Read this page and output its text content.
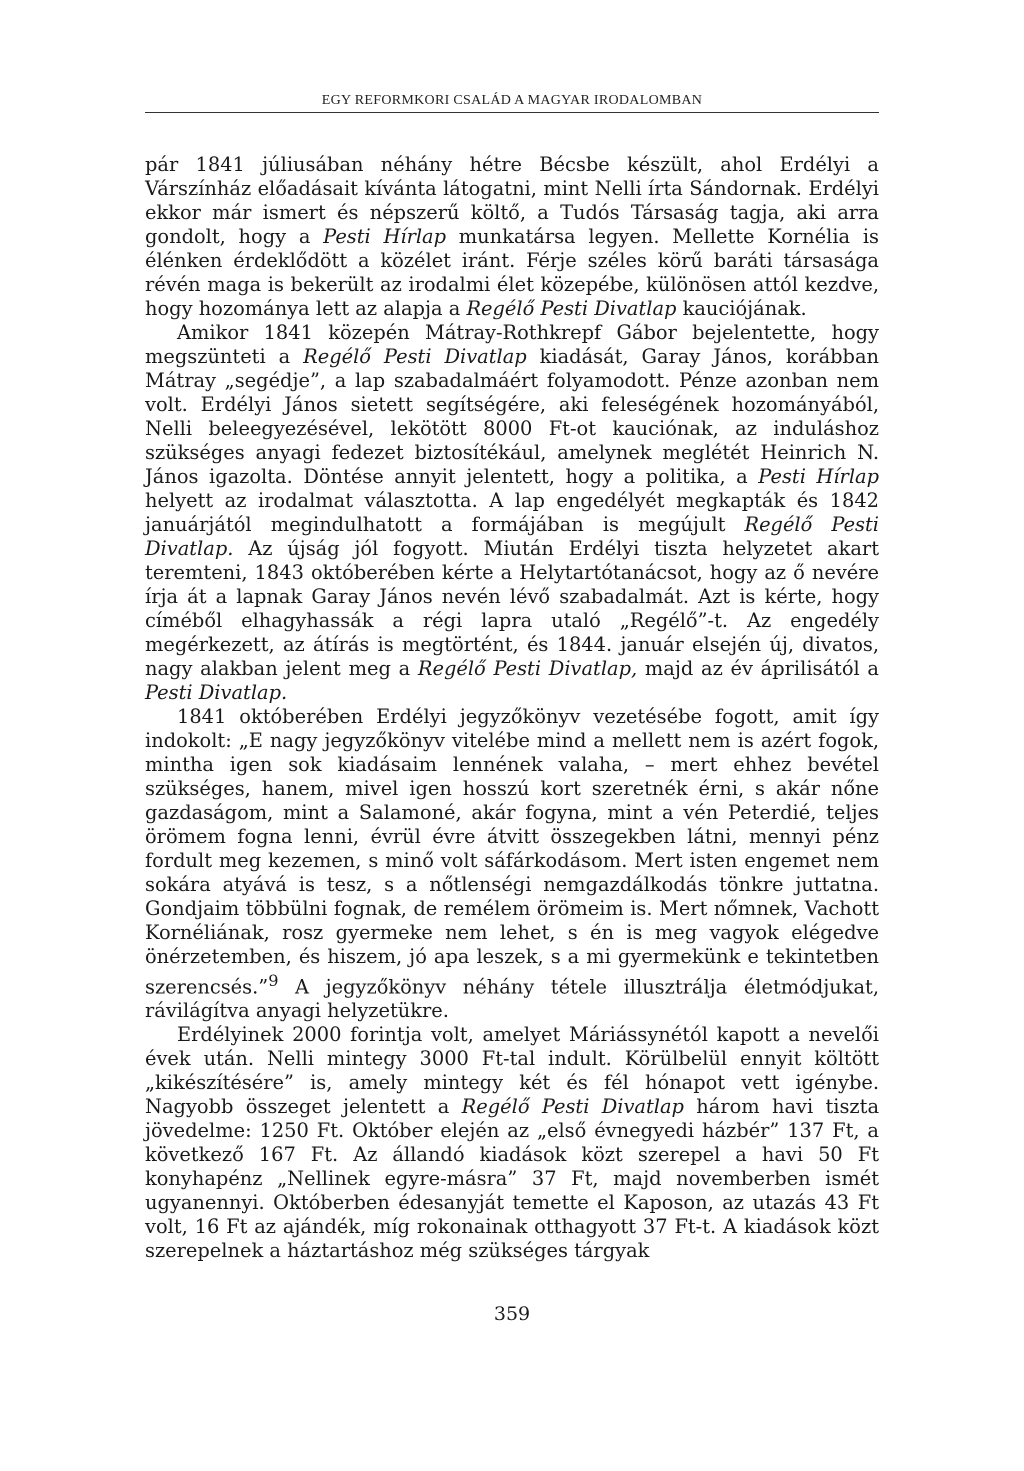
EGY REFORMKORI CSALÁD A MAGYAR IRODALOMBAN

pár 1841 júliusában néhány hétre Bécsbe készült, ahol Erdélyi a Várszínház előadásait kívánta látogatni, mint Nelli írta Sándornak. Erdélyi ekkor már ismert és népszerű költő, a Tudós Társaság tagja, aki arra gondolt, hogy a Pesti Hírlap munkatársa legyen. Mellette Kornélia is élénken érdeklődött a közélet iránt. Férje széles körű baráti társasága révén maga is bekerült az irodalmi élet közepébe, különösen attól kezdve, hogy hozománya lett az alapja a Regélő Pesti Divatlap kauciójának.

Amikor 1841 közepén Mátray-Rothkrepf Gábor bejelentette, hogy megszünteti a Regélő Pesti Divatlap kiadását, Garay János, korábban Mátray „segédje”, a lap szabadalmáért folyamodott. Pénze azonban nem volt. Erdélyi János sietett segítségére, aki feleségének hozományából, Nelli beleegyezésével, lekötött 8000 Ft-ot kauciónak, az induláshoz szükséges anyagi fedezet biztosítékául, amelynek meglétét Heinrich N. János igazolta. Döntése annyit jelentett, hogy a politika, a Pesti Hírlap helyett az irodalmat választotta. A lap engedélyét megkapták és 1842 januárjától megindulhatott a formájában is megújult Regélő Pesti Divatlap. Az újság jól fogyott. Miután Erdélyi tiszta helyzetet akart teremteni, 1843 októberében kérte a Helytartótanácsot, hogy az ő nevére írja át a lapnak Garay János nevén lévő szabadalmát. Azt is kérte, hogy címéből elhagyhassák a régi lapra utaló „Regélő”-t. Az engedély megérkezett, az átírás is megtörtént, és 1844. január elsején új, divatos, nagy alakban jelent meg a Regélő Pesti Divatlap, majd az év áprilisától a Pesti Divatlap.

1841 októberében Erdélyi jegyzőkönyv vezetésébe fogott, amit így indokolt: „E nagy jegyzőkönyv vitelébe mind a mellett nem is azért fogok, mintha igen sok kiadásaim lennének valaha, – mert ehhez bevétel szükséges, hanem, mivel igen hosszú kort szeretnék érni, s akár nőne gazdaságom, mint a Salamoné, akár fogyna, mint a vén Peterdié, teljes örömem fogna lenni, évrül évre átvitt összegekben látni, mennyi pénz fordult meg kezemen, s minő volt sáfárkodásom. Mert isten engemet nem sokára atyává is tesz, s a nőtlenségi nemgazdálkodás tönkre juttatna. Gondjaim többülni fognak, de remélem örömeim is. Mert nőmnek, Vachott Kornéliának, rosz gyermeke nem lehet, s én is meg vagyok elégedve önérzetemben, és hiszem, jó apa leszek, s a mi gyermekünk e tekintetben szerencsés.”$^9$ A jegyzőkönyv néhány tétele illusztrálja életmódjukat, rávilágítva anyagi helyzetükre.

Erdélyinek 2000 forintja volt, amelyet Máriássynétól kapott a nevelői évek után. Nelli mintegy 3000 Ft-tal indult. Körülbelül ennyit költött „kikészítésére” is, amely mintegy két és fél hónapot vett igénybe. Nagyobb összeget jelentett a Regélő Pesti Divatlap három havi tiszta jövedelme: 1250 Ft. Október elején az „első évnegyedi házbér” 137 Ft, a következő 167 Ft. Az állandó kiadások közt szerepel a havi 50 Ft konyhapénz „Nellinek egyre-másra” 37 Ft, majd novemberben ismét ugyanennyi. Októberben édesanyját temette el Kaposon, az utazás 43 Ft volt, 16 Ft az ajándék, míg rokonainak otthagyott 37 Ft-t. A kiadások közt szerepelnek a háztartáshoz még szükséges tárgyak

359
